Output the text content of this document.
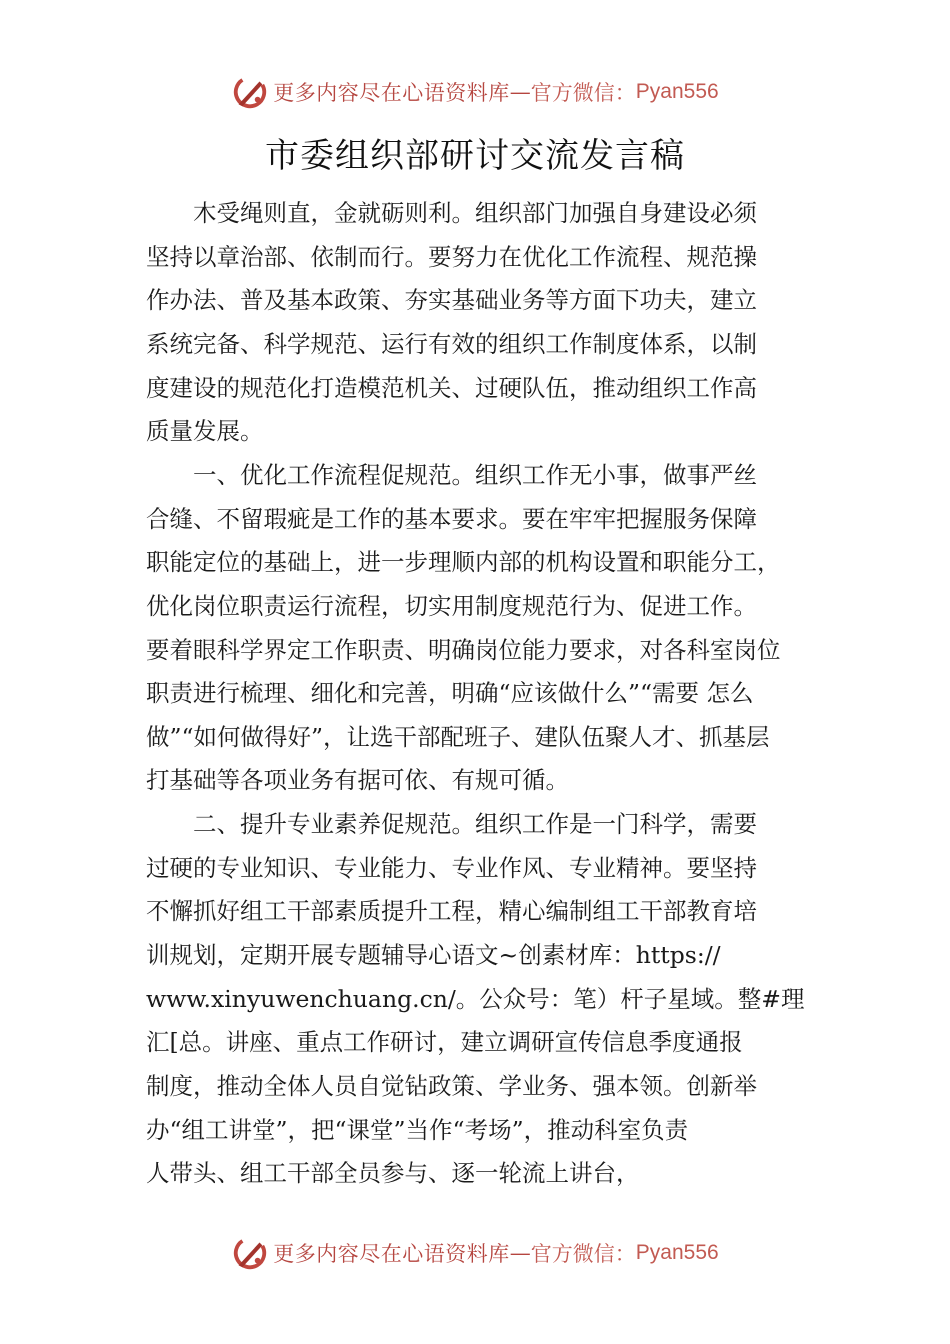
更多内容尽在心语资料库 — 官方微信： Pyan556
市委组织部研讨交流发言稿
　　木受绳则直，金就砺则利。组织部门加强自身建设必须
坚持以章治部、依制而行。要努力在优化工作流程、规范操
作办法、普及基本政策、夯实基础业务等方面下功夫，建立
系统完备、科学规范、运行有效的组织工作制度体系，以制
度建设的规范化打造模范机关、过硬队伍，推动组织工作高
质量发展。
　　一、优化工作流程促规范。组织工作无小事，做事严丝
合缝、不留瑕疵是工作的基本要求。要在牢牢把握服务保障
职能定位的基础上，进一步理顺内部的机构设置和职能分工，
优化岗位职责运行流程，切实用制度规范行为、促进工作。
要着眼科学界定工作职责、明确岗位能力要求，对各科室岗位
职责进行梳理、细化和完善，明确“应该做什么”“需要 怎么
做”“如何做得好”，让选干部配班子、建队伍聚人才、抓基层
打基础等各项业务有据可依、有规可循。
　　二、提升专业素养促规范。组织工作是一门科学，需要
过硬的专业知识、专业能力、专业作风、专业精神。要坚持
不懈抓好组工干部素质提升工程，精心编制组工干部教育培
训规划，定期开展专题辅导心语文~创素材库：https://
www.xinyuwenchuang.cn/。公众号：笔）杆子星域。整#理
汇[总。讲座、重点工作研讨，建立调研宣传信息季度通报
制度，推动全体人员自觉钻政策、学业务、强本领。创新举
办“组工讲堂”，把“课堂”当作“考场”，推动科室负责
人带头、组工干部全员参与、逐一轮流上讲台，
更多内容尽在心语资料库 — 官方微信： Pyan556
